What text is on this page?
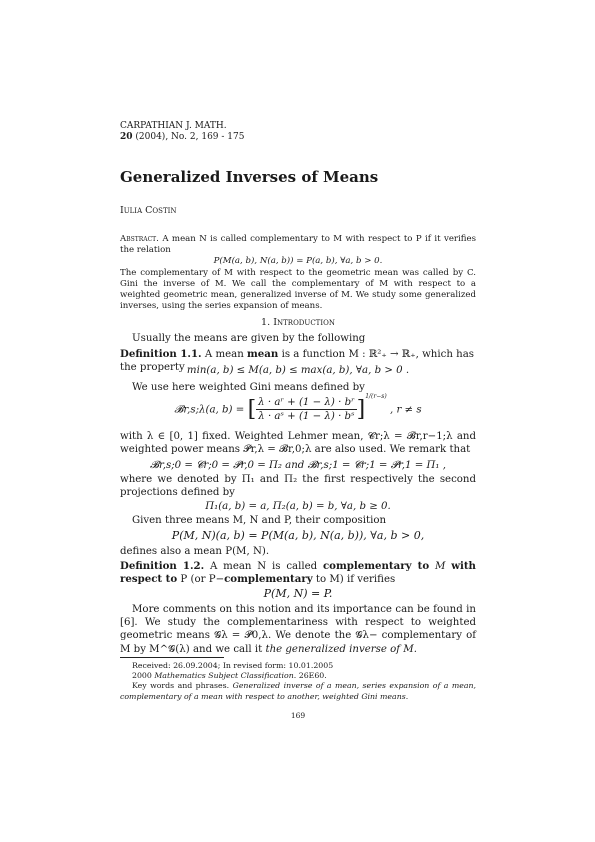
CARPATHIAN J. MATH.
20 (2004), No. 2, 169 - 175
Generalized Inverses of Means
Iulia Costin
Abstract. A mean N is called complementary to M with respect to P if it verifies the relation
P(M(a, b), N(a, b)) = P(a, b), ∀a, b > 0.
The complementary of M with respect to the geometric mean was called by C. Gini the inverse of M. We call the complementary of M with respect to a weighted geometric mean, generalized inverse of M. We study some generalized inverses, using the series expansion of means.
1. Introduction
Usually the means are given by the following
Definition 1.1. A mean mean is a function M : ℝ²₊ → ℝ₊, which has the property min(a, b) ≤ M(a, b) ≤ max(a, b), ∀a, b > 0 .
We use here weighted Gini means defined by
𝓑r,s;λ(a, b) = [ $\frac{\text{λ · aʳ + (1 − λ) · bʳ}}{\text{λ · aˢ + (1 − λ) · bˢ}} ]^{1/(r-s)}$ , r ≠ s
with λ ∈ [0, 1] fixed. Weighted Lehmer mean, 𝓒r;λ = 𝓑r,r−1;λ and weighted power means 𝓟r,λ = 𝓑r,0;λ are also used. We remark that
𝓑r,s;0 = 𝓒r;0 = 𝓟r,0 = Π₂ and 𝓑r,s;1 = 𝓒r;1 = 𝓟r,1 = Π₁ ,
where we denoted by Π₁ and Π₂ the first respectively the second projections defined by
Π₁(a, b) = a, Π₂(a, b) = b, ∀a, b ≥ 0.
Given three means M, N and P, their composition
P(M, N)(a, b) = P(M(a, b), N(a, b)), ∀a, b > 0,
defines also a mean P(M, N).
Definition 1.2. A mean N is called complementary to M with respect to P (or P−complementary to M) if verifies
P(M, N) = P.
More comments on this notion and its importance can be found in [6]. We study the complementariness with respect to weighted geometric means 𝓖λ = 𝓟0,λ. We denote the 𝓖λ− complementary of M by M^𝓖(λ) and we call it the generalized inverse of M.
Received: 26.09.2004; In revised form: 10.01.2005
2000 Mathematics Subject Classification. 26E60.
Key words and phrases. Generalized inverse of a mean, series expansion of a mean, complementary of a mean with respect to another, weighted Gini means.
169
